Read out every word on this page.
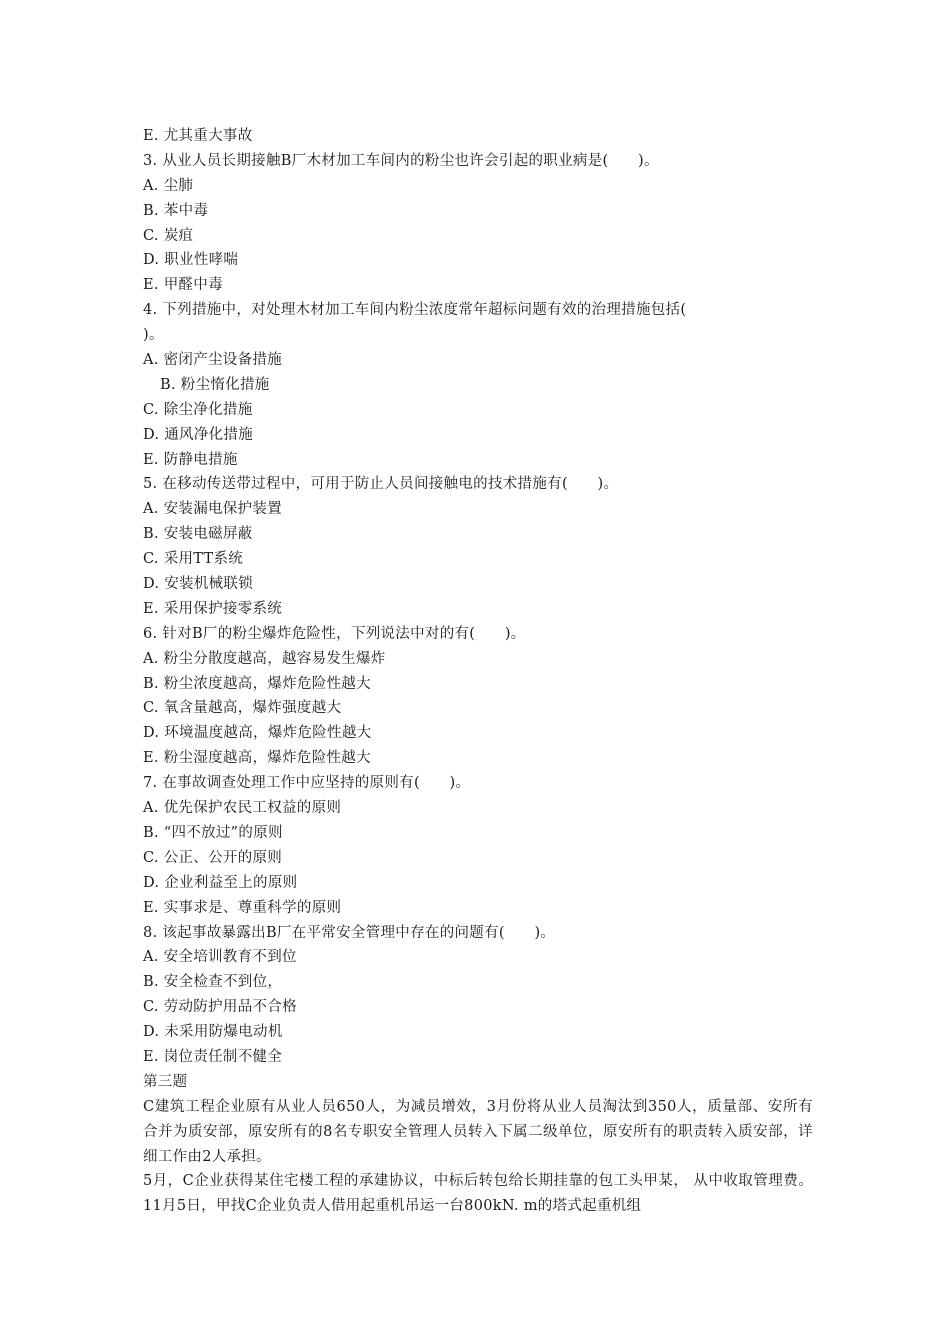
E. 尤其重大事故
3. 从业人员长期接触B厂木材加工车间内的粉尘也许会引起的职业病是(　　)。
A. 尘肺
B. 苯中毒
C. 炭疽
D. 职业性哮喘
E. 甲醛中毒
4. 下列措施中，对处理木材加工车间内粉尘浓度常年超标问题有效的治理措施包括(
)。
A. 密闭产尘设备措施
B. 粉尘惰化措施
C. 除尘净化措施
D. 通风净化措施
E. 防静电措施
5. 在移动传送带过程中，可用于防止人员间接触电的技术措施有(　　)。
A. 安装漏电保护装置
B. 安装电磁屏蔽
C. 采用TT系统
D. 安装机械联锁
E. 采用保护接零系统
6. 针对B厂的粉尘爆炸危险性，下列说法中对的有(　　)。
A. 粉尘分散度越高，越容易发生爆炸
B. 粉尘浓度越高，爆炸危险性越大
C. 氧含量越高，爆炸强度越大
D. 环境温度越高，爆炸危险性越大
E. 粉尘湿度越高，爆炸危险性越大
7. 在事故调查处理工作中应坚持的原则有(　　)。
A. 优先保护农民工权益的原则
B. “四不放过”的原则
C. 公正、公开的原则
D. 企业利益至上的原则
E. 实事求是、尊重科学的原则
8. 该起事故暴露出B厂在平常安全管理中存在的问题有(　　)。
A. 安全培训教育不到位
B. 安全检查不到位，
C. 劳动防护用品不合格
D. 未采用防爆电动机
E. 岗位责任制不健全
第三题
C建筑工程企业原有从业人员650人，为减员增效，3月份将从业人员淘汰到350人，质量部、安所有合并为质安部，原安所有的8名专职安全管理人员转入下属二级单位，原安所有的职责转入质安部，详细工作由2人承担。
5月，C企业获得某住宅楼工程的承建协议，中标后转包给长期挂靠的包工头甲某， 从中收取管理费。11月5日，甲找C企业负责人借用起重机吊运一台800kN. m的塔式起重机组
